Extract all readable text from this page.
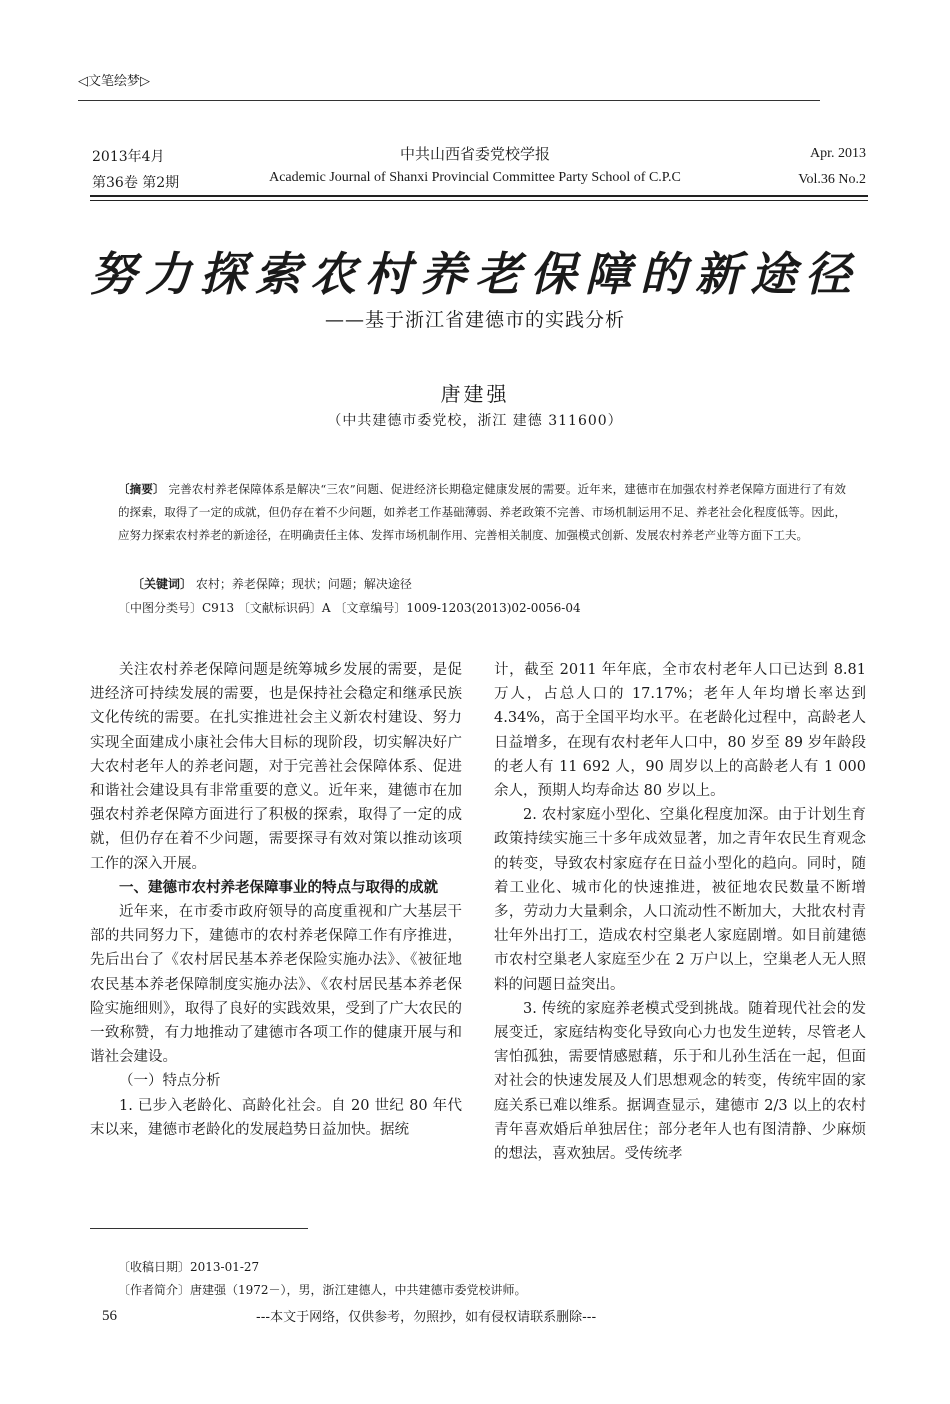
◁文笔绘梦▷
2013年4月
第36卷 第2期
中共山西省委党校学报
Academic Journal of Shanxi Provincial Committee Party School of C.P.C
Apr. 2013
Vol.36 No.2
努力探索农村养老保障的新途径
——基于浙江省建德市的实践分析
唐建强
（中共建德市委党校，浙江 建德 311600）
〔摘要〕 完善农村养老保障体系是解决“三农”问题、促进经济长期稳定健康发展的需要。近年来，建德市在加强农村养老保障方面进行了有效的探索，取得了一定的成就，但仍存在着不少问题，如养老工作基础薄弱、养老政策不完善、市场机制运用不足、养老社会化程度低等。因此，应努力探索农村养老的新途径，在明确责任主体、发挥市场机制作用、完善相关制度、加强模式创新、发展农村养老产业等方面下工夫。
〔关键词〕 农村；养老保障；现状；问题；解决途径
〔中图分类号〕C913 〔文献标识码〕A 〔文章编号〕1009-1203(2013)02-0056-04

关注农村养老保障问题是统筹城乡发展的需要，是促进经济可持续发展的需要，也是保持社会稳定和继承民族文化传统的需要。在扎实推进社会主义新农村建设、努力实现全面建成小康社会伟大目标的现阶段，切实解决好广大农村老年人的养老问题，对于完善社会保障体系、促进和谐社会建设具有非常重要的意义。近年来，建德市在加强农村养老保障方面进行了积极的探索，取得了一定的成就，但仍存在着不少问题，需要探寻有效对策以推动该项工作的深入开展。

一、建德市农村养老保障事业的特点与取得的成就

近年来，在市委市政府领导的高度重视和广大基层干部的共同努力下，建德市的农村养老保障工作有序推进，先后出台了《农村居民基本养老保险实施办法》、《被征地农民基本养老保障制度实施办法》、《农村居民基本养老保险实施细则》，取得了良好的实践效果，受到了广大农民的一致称赞，有力地推动了建德市各项工作的健康开展与和谐社会建设。

（一）特点分析

1. 已步入老龄化、高龄化社会。自 20 世纪 80 年代末以来，建德市老龄化的发展趋势日益加快。据统

计，截至 2011 年年底，全市农村老年人口已达到 8.81 万人，占总人口的 17.17%；老年人年均增长率达到 4.34%，高于全国平均水平。在老龄化过程中，高龄老人日益增多，在现有农村老年人口中，80 岁至 89 岁年龄段的老人有 11 692 人，90 周岁以上的高龄老人有 1 000 余人，预期人均寿命达 80 岁以上。

2. 农村家庭小型化、空巢化程度加深。由于计划生育政策持续实施三十多年成效显著，加之青年农民生育观念的转变，导致农村家庭存在日益小型化的趋向。同时，随着工业化、城市化的快速推进，被征地农民数量不断增多，劳动力大量剩余，人口流动性不断加大，大批农村青壮年外出打工，造成农村空巢老人家庭剧增。如目前建德市农村空巢老人家庭至少在 2 万户以上，空巢老人无人照料的问题日益突出。

3. 传统的家庭养老模式受到挑战。随着现代社会的发展变迁，家庭结构变化导致向心力也发生逆转，尽管老人害怕孤独，需要情感慰藉，乐于和儿孙生活在一起，但面对社会的快速发展及人们思想观念的转变，传统牢固的家庭关系已难以维系。据调查显示，建德市 2/3 以上的农村青年喜欢婚后单独居住；部分老年人也有图清静、少麻烦的想法，喜欢独居。受传统孝

〔收稿日期〕2013-01-27
〔作者简介〕唐建强（1972－），男，浙江建德人，中共建德市委党校讲师。
56	---本文于网络，仅供参考，勿照抄，如有侵权请联系删除---
